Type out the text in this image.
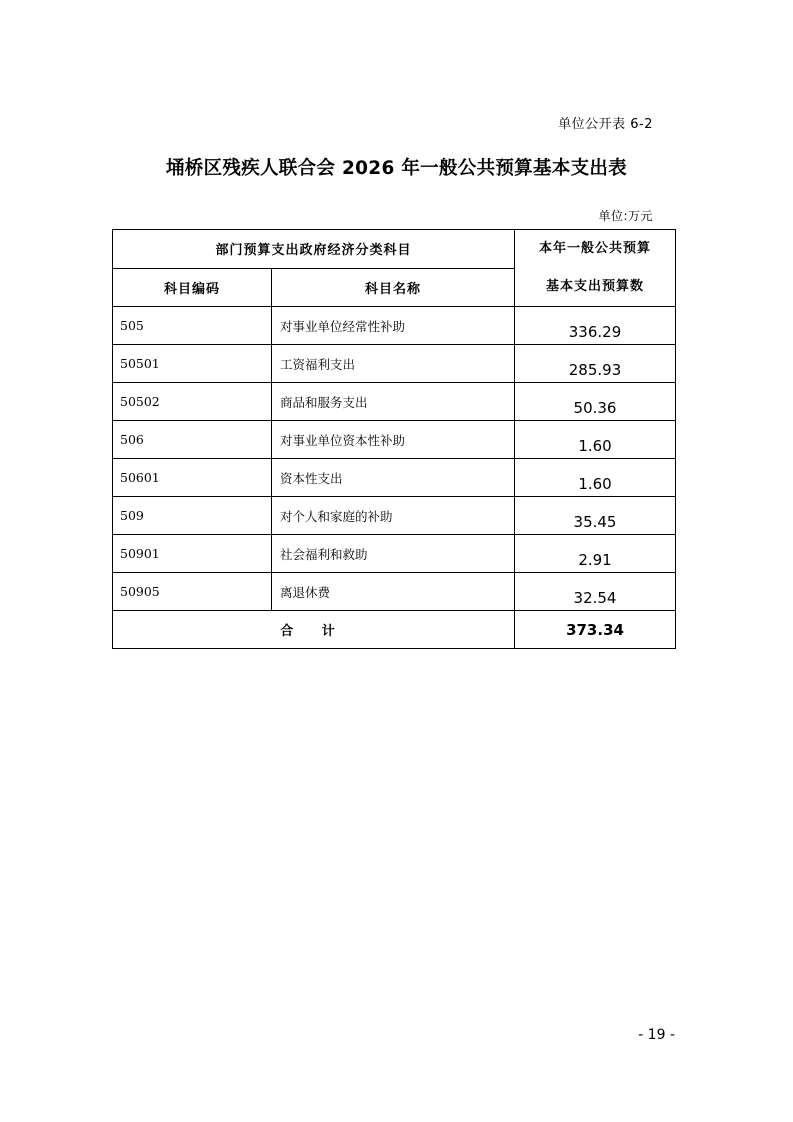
单位公开表 6-2
埇桥区残疾人联合会 2026 年一般公共预算基本支出表
单位:万元
部门预算支出政府经济分类科目		本年一般公共预算基本支出预算数

科目编码	科目名称	
505	对事业单位经常性补助	336.29
50501	工资福利支出	285.93
50502	商品和服务支出	50.36
506	对事业单位资本性补助	1.60
50601	资本性支出	1.60
509	对个人和家庭的补助	35.45
50901	社会福利和救助	2.91
50905	离退休费	32.54
合 计		373.34
- 19 -
